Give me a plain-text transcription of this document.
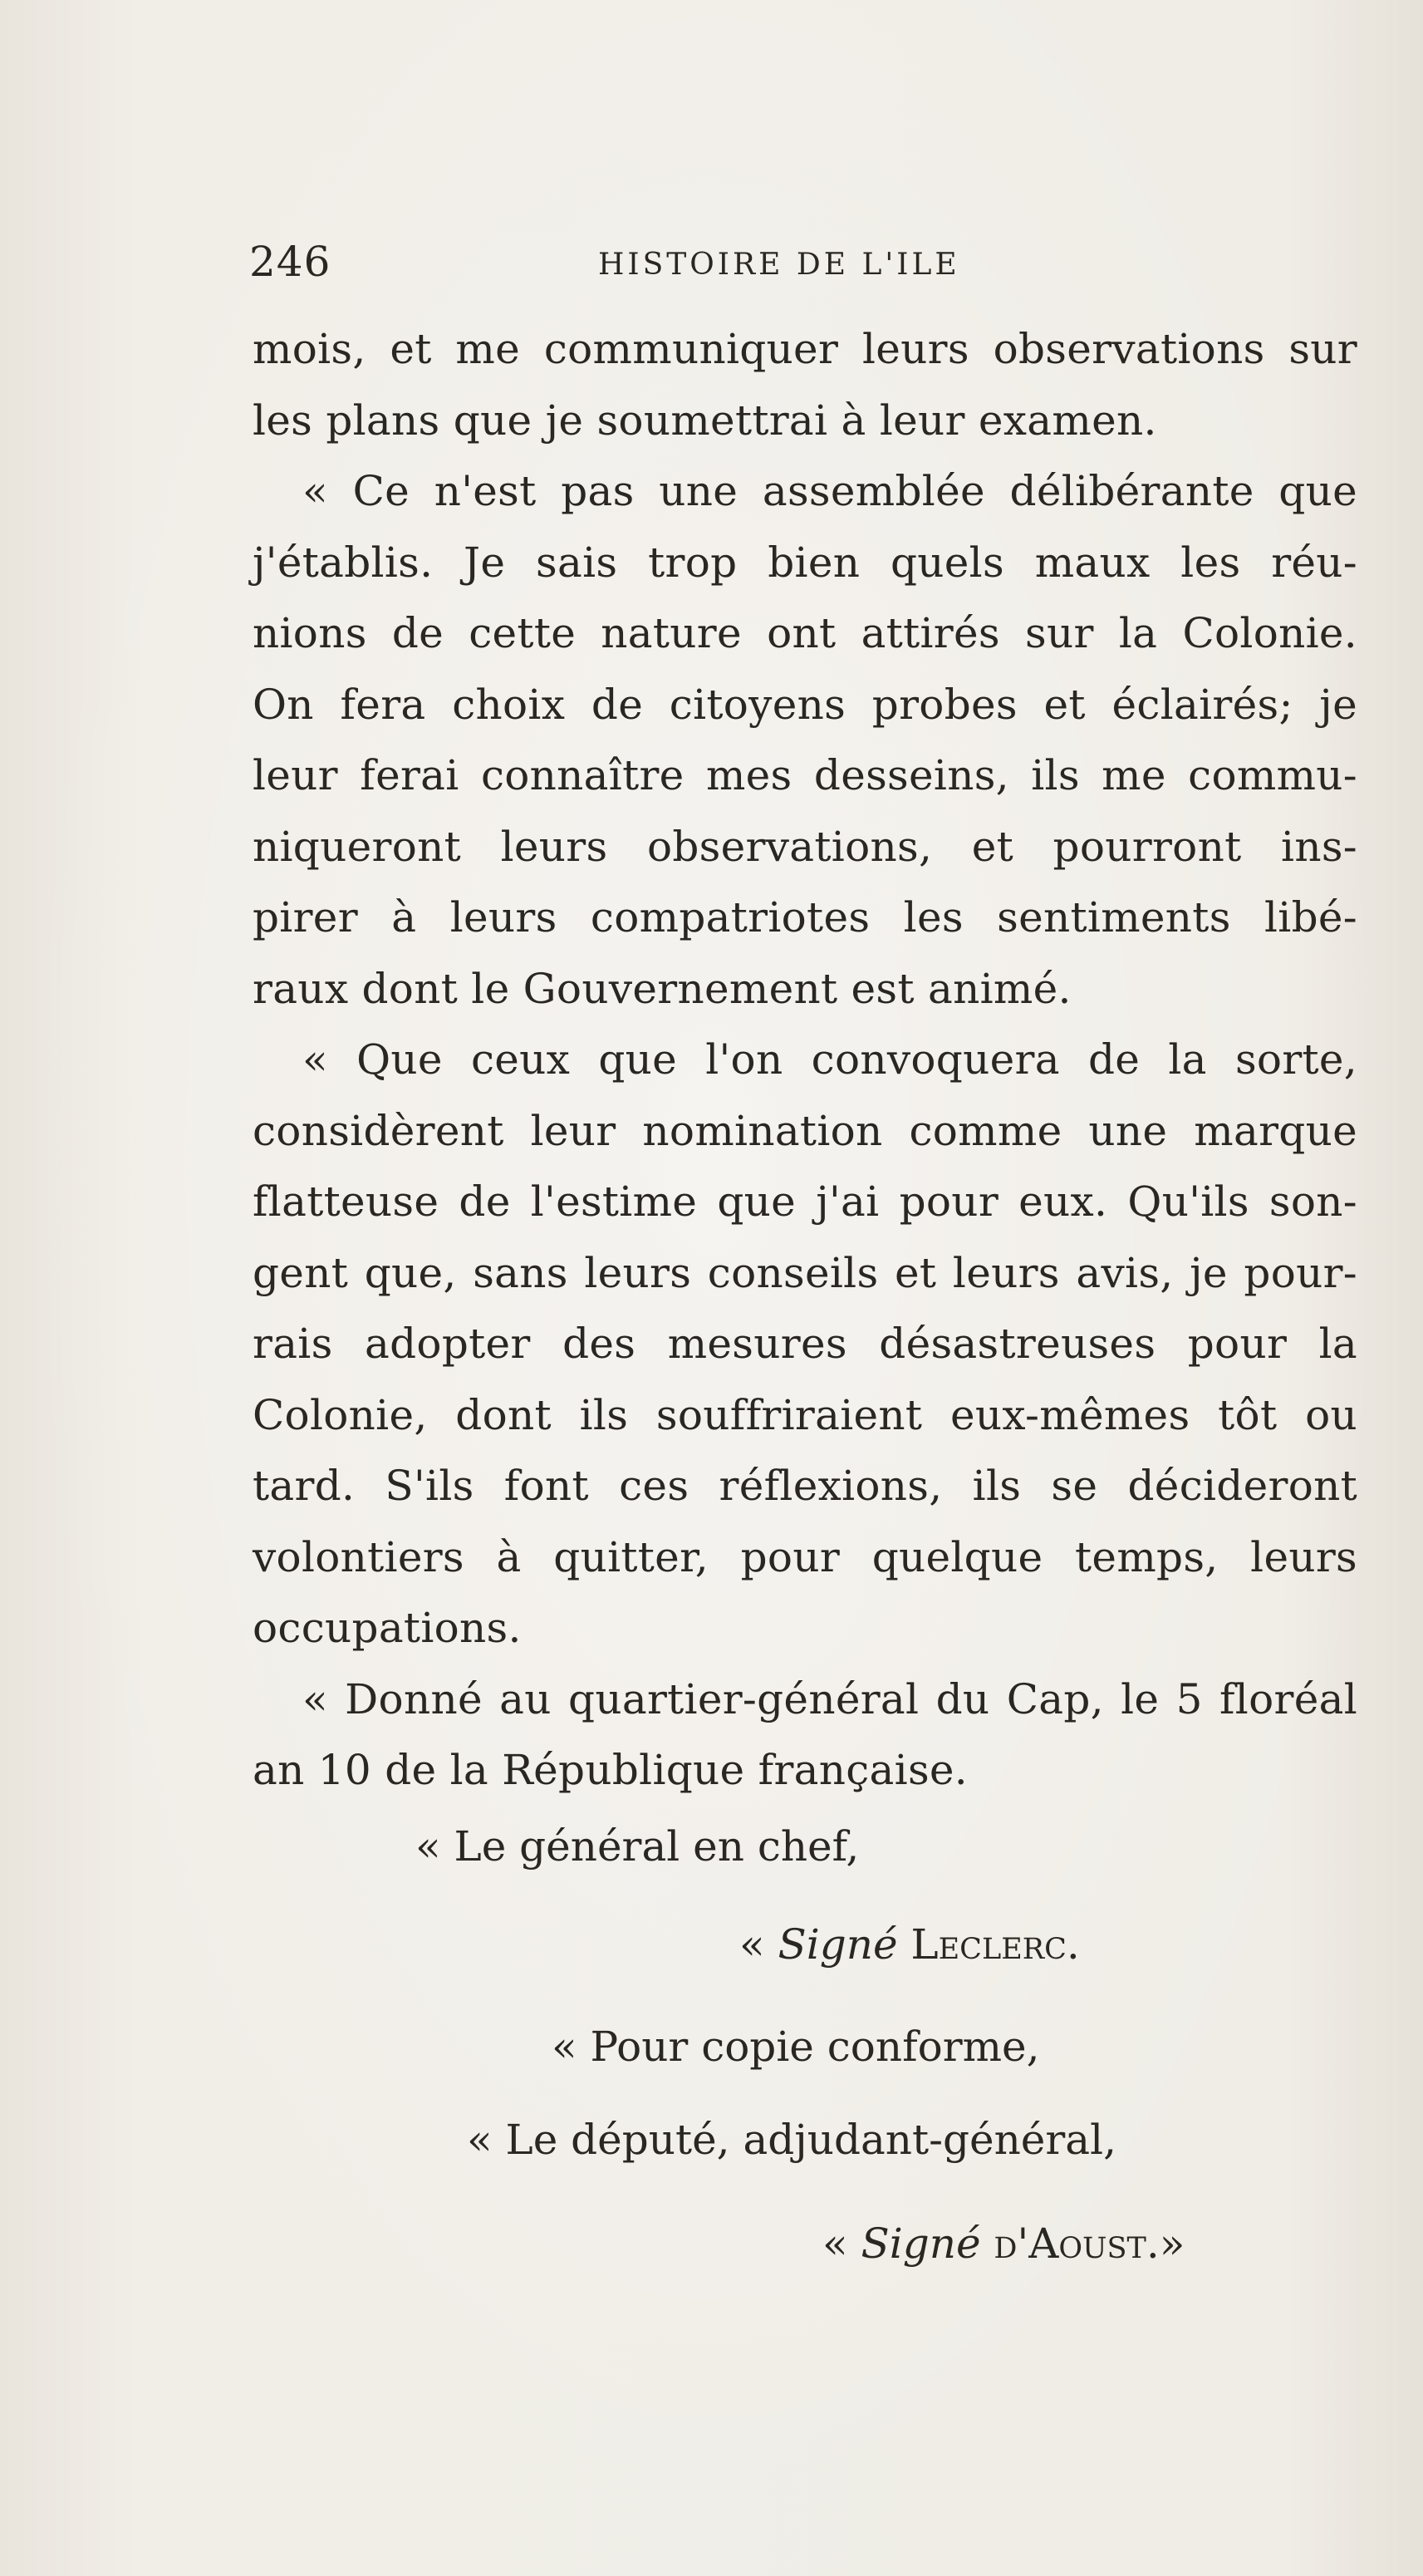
246	HISTOIRE DE L'ILE
mois, et me communiquer leurs observations sur
les plans que je soumettrai à leur examen.
« Ce n'est pas une assemblée délibérante que
j'établis. Je sais trop bien quels maux les réu-
nions de cette nature ont attirés sur la Colonie.
On fera choix de citoyens probes et éclairés; je
leur ferai connaître mes desseins, ils me commu-
niqueront leurs observations, et pourront ins-
pirer à leurs compatriotes les sentiments libé-
raux dont le Gouvernement est animé.
« Que ceux que l'on convoquera de la sorte,
considèrent leur nomination comme une marque
flatteuse de l'estime que j'ai pour eux. Qu'ils son-
gent que, sans leurs conseils et leurs avis, je pour-
rais adopter des mesures désastreuses pour la
Colonie, dont ils souffriraient eux-mêmes tôt ou
tard. S'ils font ces réflexions, ils se décideront
volontiers à quitter, pour quelque temps, leurs
occupations.
« Donné au quartier-général du Cap, le 5 floréal
an 10 de la République française.
« Le général en chef,
« Signé Leclerc.
« Pour copie conforme,
« Le député, adjudant-général,
« Signé d'Aoust.»
